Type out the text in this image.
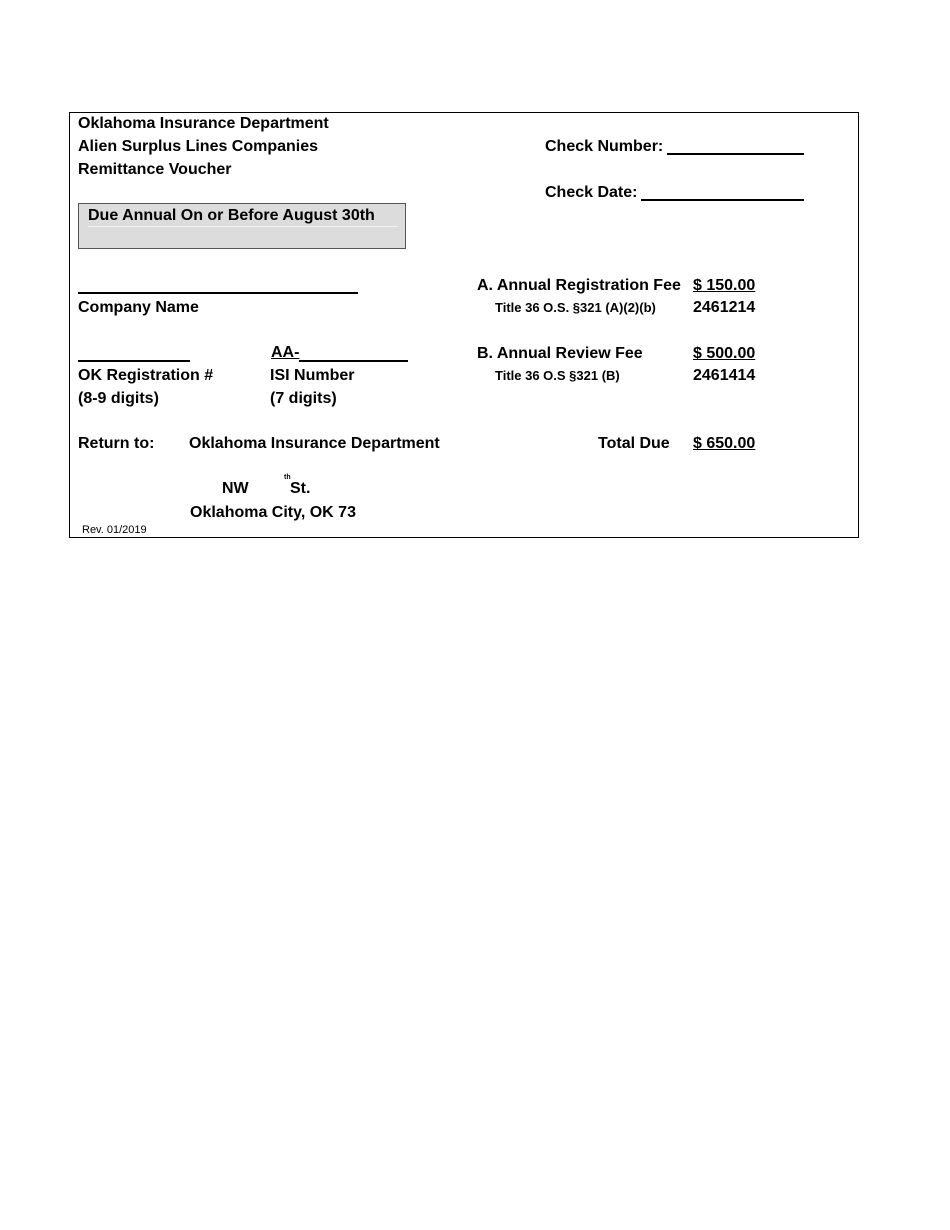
Oklahoma Insurance Department
Alien Surplus Lines Companies
Remittance Voucher
Due Annual On or Before August 30th
Check Number:
Check Date:
Company Name
AA-
OK Registration #
(8-9 digits)
ISI Number
(7 digits)
A. Annual Registration Fee $ 150.00
Title 36 O.S. §321 (A)(2)(b) 2461214
B. Annual Review Fee	$ 500.00
Title 36 O.S §321 (B)	2461414
Total Due $ 650.00
Return to: Oklahoma Insurance Department
NW
th
St.
Oklahoma City, OK 73
Rev. 01/2019
